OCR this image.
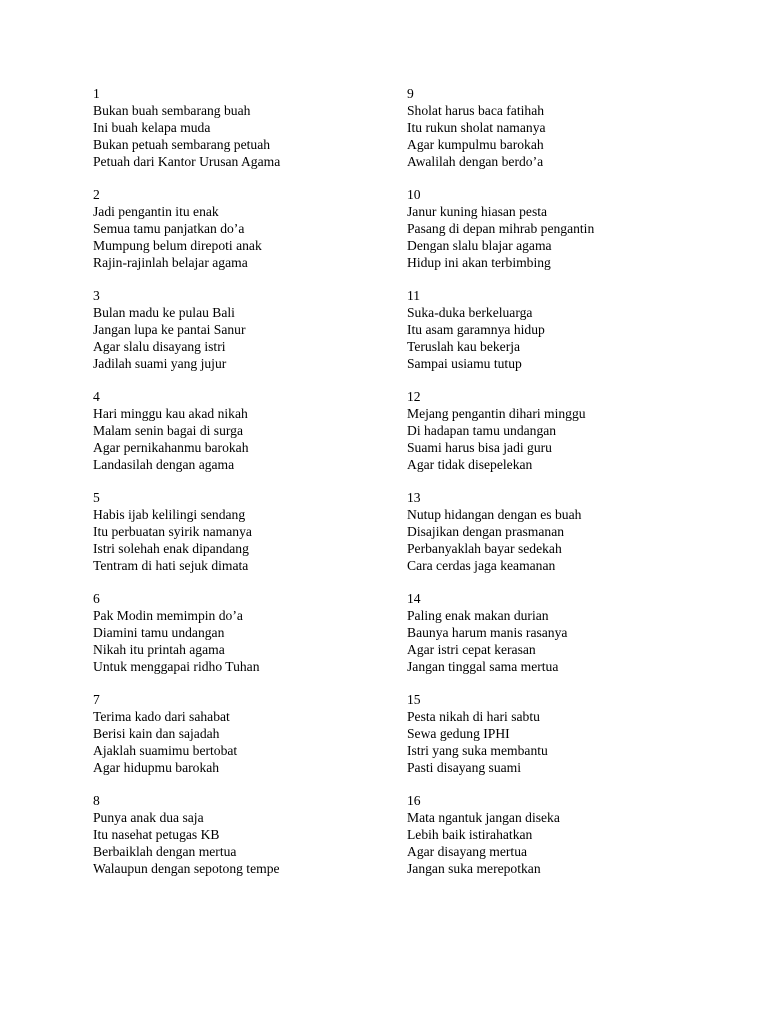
1
Bukan buah sembarang buah
Ini buah kelapa muda
Bukan petuah sembarang petuah
Petuah dari Kantor Urusan Agama
2
Jadi pengantin itu enak
Semua tamu panjatkan do’a
Mumpung belum direpoti anak
Rajin-rajinlah belajar agama
3
Bulan madu ke pulau Bali
Jangan lupa ke pantai Sanur
Agar slalu disayang istri
Jadilah suami yang jujur
4
Hari minggu kau akad nikah
Malam senin bagai di surga
Agar pernikahanmu barokah
Landasilah dengan agama
5
Habis ijab kelilingi sendang
Itu perbuatan syirik namanya
Istri solehah enak dipandang
Tentram di hati sejuk dimata
6
Pak Modin memimpin do’a
Diamini tamu undangan
Nikah itu printah agama
Untuk menggapai ridho Tuhan
7
Terima kado dari sahabat
Berisi kain dan sajadah
Ajaklah suamimu bertobat
Agar hidupmu barokah
8
Punya anak dua saja
Itu nasehat petugas KB
Berbaiklah dengan mertua
Walaupun dengan sepotong tempe
9
Sholat harus baca fatihah
Itu rukun sholat namanya
Agar kumpulmu barokah
Awalilah dengan berdo’a
10
Janur kuning hiasan pesta
Pasang di depan mihrab pengantin
Dengan slalu blajar agama
Hidup ini akan terbimbing
11
Suka-duka berkeluarga
Itu asam garamnya hidup
Teruslah kau bekerja
Sampai usiamu tutup
12
Mejang pengantin dihari minggu
Di hadapan tamu undangan
Suami harus bisa jadi guru
Agar tidak disepelekan
13
Nutup hidangan dengan es buah
Disajikan dengan prasmanan
Perbanyaklah bayar sedekah
Cara cerdas jaga keamanan
14
Paling enak makan durian
Baunya harum manis rasanya
Agar istri cepat kerasan
Jangan tinggal sama mertua
15
Pesta nikah di hari sabtu
Sewa gedung IPHI
Istri yang suka membantu
Pasti disayang suami
16
Mata ngantuk jangan diseka
Lebih baik istirahatkan
Agar disayang mertua
Jangan suka merepotkan
